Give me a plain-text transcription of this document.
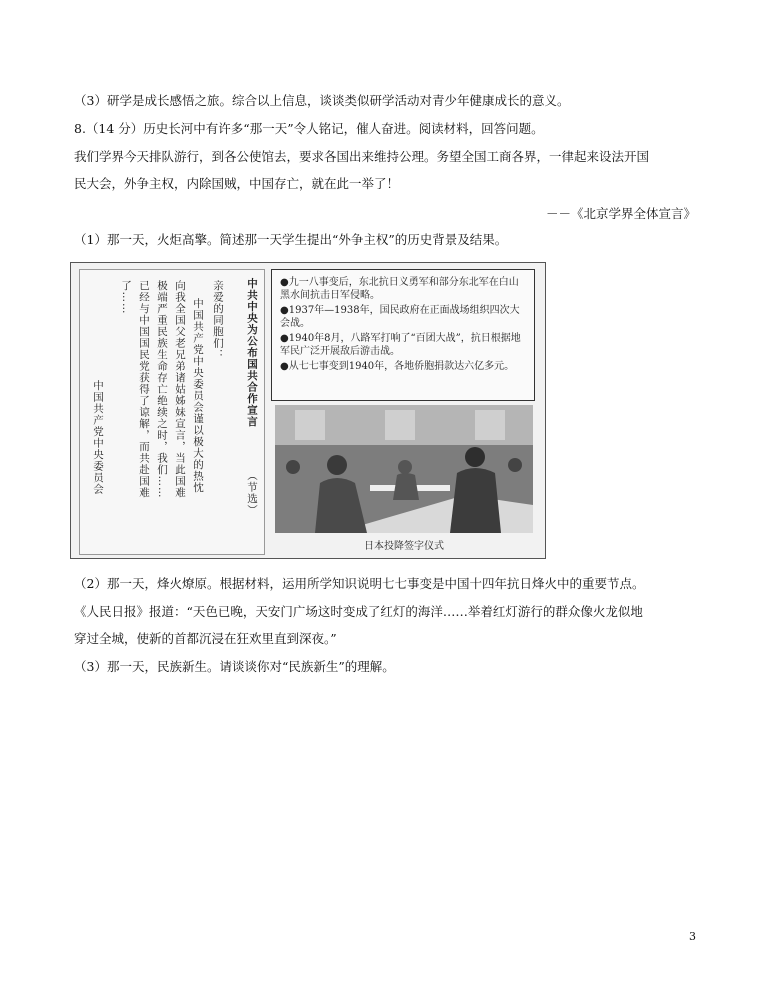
（3）研学是成长感悟之旅。综合以上信息，谈谈类似研学活动对青少年健康成长的意义。
8.（14 分）历史长河中有许多“那一天”令人铭记，催人奋进。阅读材料，回答问题。
我们学界今天排队游行，到各公使馆去，要求各国出来维持公理。务望全国工商各界，一律起来设法开国
民大会，外争主权，内除国贼，中国存亡，就在此一举了！
－－《北京学界全体宣言》
（1）那一天，火炬高擎。简述那一天学生提出“外争主权”的历史背景及结果。
中共中央为公布国共合作宣言
（节选）
亲爱的同胞们：
中国共产党中央委员会谨以极大的热忱
向我全国父老兄弟诸姑姊妹宣言，当此国难
极端严重民族生命存亡绝续之时，我们……
已经与中国国民党获得了谅解，而共赴国难
了……
中国共产党中央委员会
●九一八事变后，东北抗日义勇军和部分东北军在白山黑水间抗击日军侵略。
●1937年—1938年，国民政府在正面战场组织四次大会战。
●1940年8月，八路军打响了“百团大战”，抗日根据地军民广泛开展敌后游击战。
●从七七事变到1940年，各地侨胞捐款达六亿多元。
日本投降签字仪式
（2）那一天，烽火燎原。根据材料，运用所学知识说明七七事变是中国十四年抗日烽火中的重要节点。
《人民日报》报道：“天色已晚，天安门广场这时变成了红灯的海洋……举着红灯游行的群众像火龙似地
穿过全城，使新的首都沉浸在狂欢里直到深夜。”
（3）那一天，民族新生。请谈谈你对“民族新生”的理解。
3
